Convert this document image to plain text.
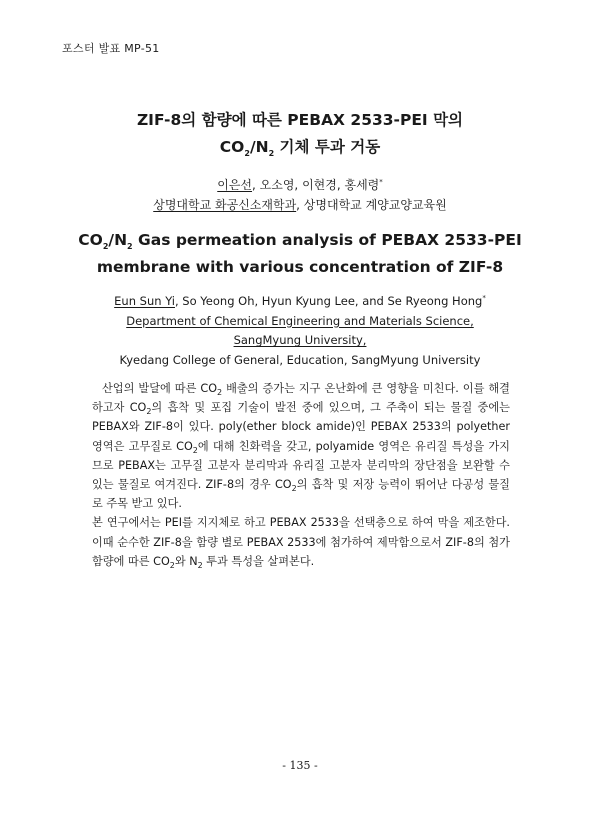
포스터 발표 MP-51
ZIF-8의 함량에 따른 PEBAX 2533-PEI 막의
$CO_2/N_2$ 기체 투과 거동
이은선, 오소영, 이현경, 홍세령*
상명대학교 화공신소재학과, 상명대학교 계양교양교육원
$CO_2/N_2$ Gas permeation analysis of PEBAX 2533-PEI
membrane with various concentration of ZIF-8
Eun Sun Yi, So Yeong Oh, Hyun Kyung Lee, and Se Ryeong Hong*
Department of Chemical Engineering and Materials Science,
SangMyung University,
Kyedang College of General, Education, SangMyung University

산업의 발달에 따른 $CO_2$ 배출의 증가는 지구 온난화에 큰 영향을 미친다. 이를 해결하고자 $CO_2$의 흡착 및 포집 기술이 발전 중에 있으며, 그 주축이 되는 물질 중에는 PEBAX와 ZIF-8이 있다. poly(ether block amide)인 PEBAX 2533의 polyether 영역은 고무질로 $CO_2$에 대해 친화력을 갖고, polyamide 영역은 유리질 특성을 가지므로 PEBAX는 고무질 고분자 분리막과 유리질 고분자 분리막의 장단점을 보완할 수 있는 물질로 여겨진다. ZIF-8의 경우 $CO_2$의 흡착 및 저장 능력이 뛰어난 다공성 물질로 주목 받고 있다.

본 연구에서는 PEI를 지지체로 하고 PEBAX 2533을 선택층으로 하여 막을 제조한다. 이때 순수한 ZIF-8을 함량 별로 PEBAX 2533에 첨가하여 제막함으로서 ZIF-8의 첨가 함량에 따른 $CO_2$와 $N_2$ 투과 특성을 살펴본다.

- 135 -
